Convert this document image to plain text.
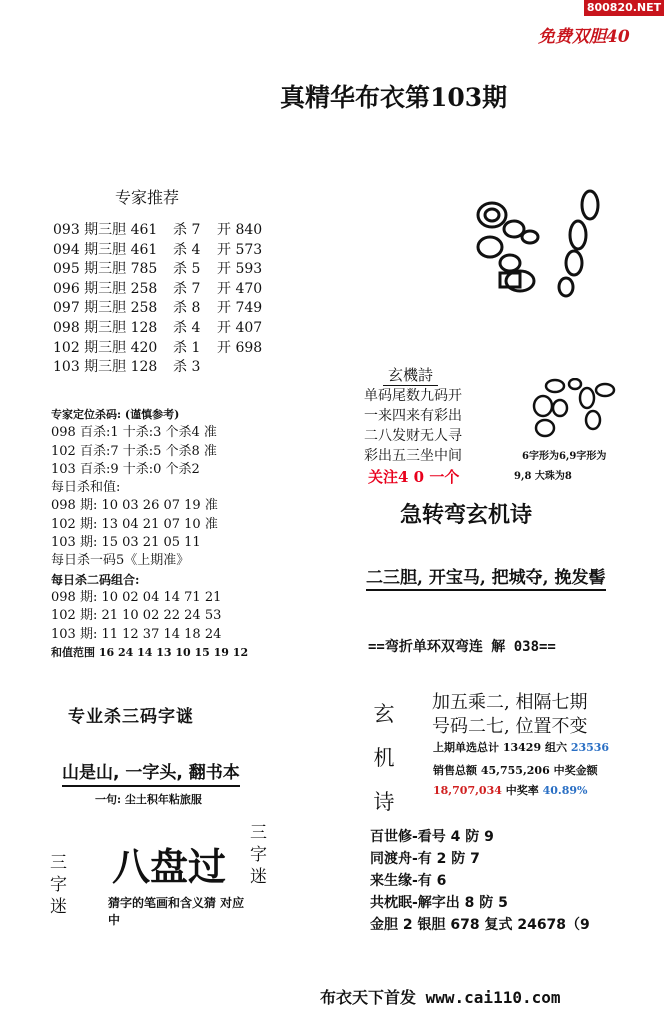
800820.NET
免费双胆40
真精华布衣第103期
专家推荐
093 期三胆 461 杀 7 开 840
094 期三胆 461 杀 4 开 573
095 期三胆 785 杀 5 开 593
096 期三胆 258 杀 7 开 470
097 期三胆 258 杀 8 开 749
098 期三胆 128 杀 4 开 407
102 期三胆 420 杀 1 开 698
103 期三胆 128 杀 3
专家定位杀码: (谨慎参考)
098 百杀:1 十杀:3 个杀4 准
102 百杀:7 十杀:5 个杀8 准
103 百杀:9 十杀:0 个杀2
每日杀和值:
098 期: 10 03 26 07 19 准
102 期: 13 04 21 07 10 准
103 期: 15 03 21 05 11
每日杀一码5《上期准》
每日杀二码组合:
098 期: 10 02 04 14 71 21
102 期: 21 10 02 22 24 53
103 期: 11 12 37 14 18 24
和值范围 16 24 14 13 10 15 19 12
专业杀三码字谜
山是山, 一字头, 翻书本
一句: 尘土积年粘旅服
三字迷
三字迷
八盘过
猜字的笔画和含义猜 对应中
玄機詩
单码尾数九码开
一来四来有彩出
二八发财无人寻
彩出五三坐中间
关注4 0 一个
6字形为6,9字形为
9,8 大珠为8
急转弯玄机诗
二三胆, 开宝马, 把城夺, 挽发髻
==弯折单环双弯连 解 038==
玄机诗
加五乘二, 相隔七期
号码二七, 位置不变
上期单选总计 13429 组六 23536
销售总额 45,755,206 中奖金额
18,707,034 中奖率 40.89%
百世修-看号 4 防 9
同渡舟-有 2 防 7
来生缘-有 6
共枕眠-解字出 8 防 5
金胆 2 银胆 678 复式 24678（9
布衣天下首发 www.cai110.com
